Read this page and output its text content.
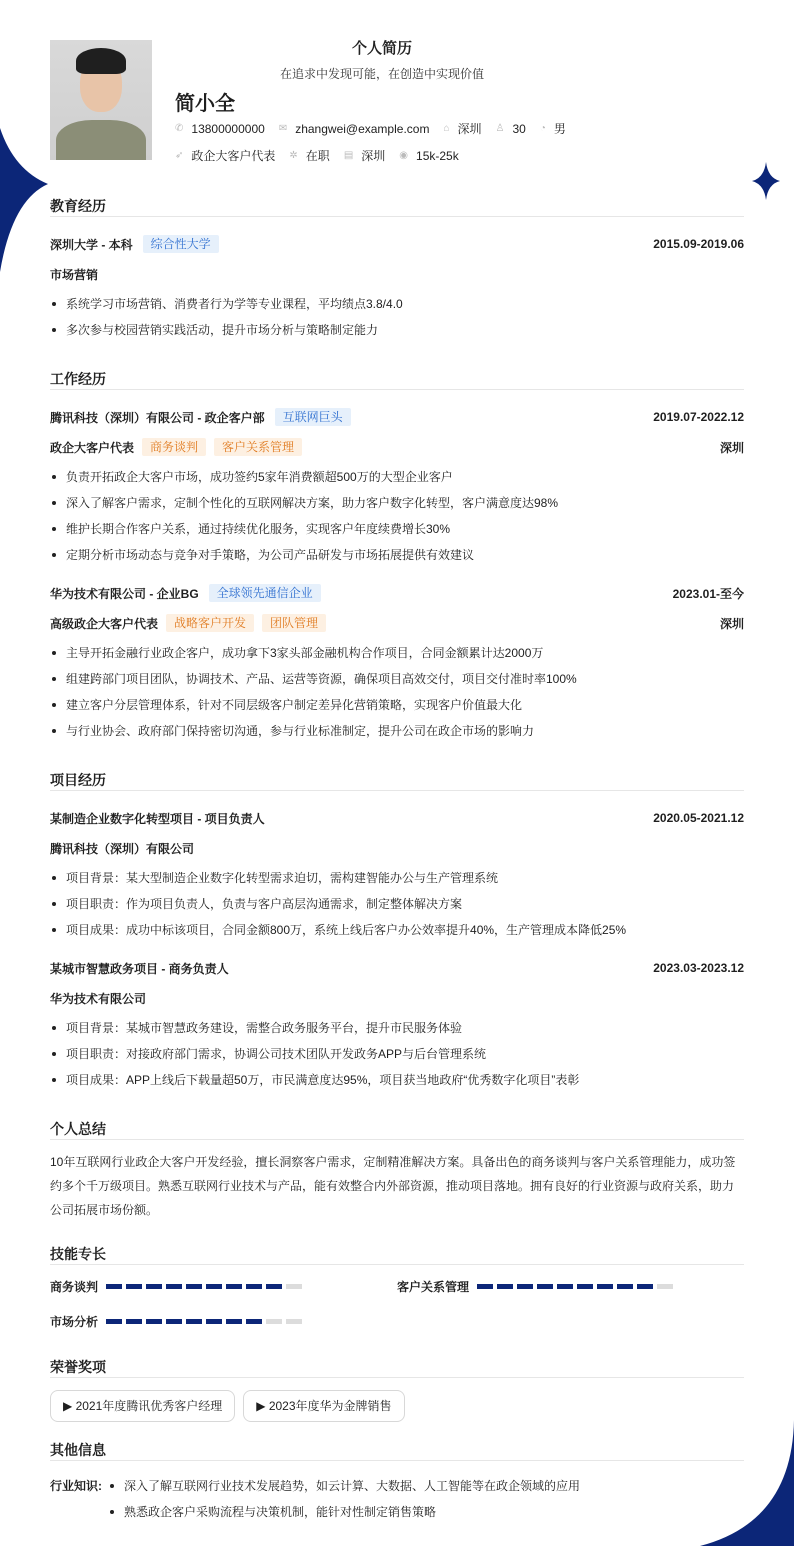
个人简历
在追求中发现可能，在创造中实现价值
简小全
✆ 13800000000 ✉ zhangwei@example.com ⌂ 深圳 ♙ 30 ◔ 男
➶ 政企大客户代表 ✲ 在职 ▤ 深圳 ◉ 15k-25k
教育经历
深圳大学 - 本科	综合性大学	2015.09-2019.06
市场营销
系统学习市场营销、消费者行为学等专业课程，平均绩点3.8/4.0
多次参与校园营销实践活动，提升市场分析与策略制定能力
工作经历
腾讯科技（深圳）有限公司 - 政企客户部	互联网巨头	2019.07-2022.12
政企大客户代表	商务谈判	客户关系管理	深圳
负责开拓政企大客户市场，成功签约5家年消费额超500万的大型企业客户
深入了解客户需求，定制个性化的互联网解决方案，助力客户数字化转型，客户满意度达98%
维护长期合作客户关系，通过持续优化服务，实现客户年度续费增长30%
定期分析市场动态与竞争对手策略，为公司产品研发与市场拓展提供有效建议
华为技术有限公司 - 企业BG	全球领先通信企业	2023.01-至今
高级政企大客户代表	战略客户开发	团队管理	深圳
主导开拓金融行业政企客户，成功拿下3家头部金融机构合作项目，合同金额累计达2000万
组建跨部门项目团队，协调技术、产品、运营等资源，确保项目高效交付，项目交付准时率100%
建立客户分层管理体系，针对不同层级客户制定差异化营销策略，实现客户价值最大化
与行业协会、政府部门保持密切沟通，参与行业标准制定，提升公司在政企市场的影响力
项目经历
某制造企业数字化转型项目 - 项目负责人	2020.05-2021.12
腾讯科技（深圳）有限公司
项目背景：某大型制造企业数字化转型需求迫切，需构建智能办公与生产管理系统
项目职责：作为项目负责人，负责与客户高层沟通需求，制定整体解决方案
项目成果：成功中标该项目，合同金额800万，系统上线后客户办公效率提升40%，生产管理成本降低25%
某城市智慧政务项目 - 商务负责人	2023.03-2023.12
华为技术有限公司
项目背景：某城市智慧政务建设，需整合政务服务平台，提升市民服务体验
项目职责：对接政府部门需求，协调公司技术团队开发政务APP与后台管理系统
项目成果：APP上线后下载量超50万，市民满意度达95%，项目获当地政府“优秀数字化项目”表彰
个人总结

10年互联网行业政企大客户开发经验，擅长洞察客户需求，定制精准解决方案。具备出色的商务谈判与客户关系管理能力，成功签约多个千万级项目。熟悉互联网行业技术与产品，能有效整合内外部资源，推动项目落地。拥有良好的行业资源与政府关系，助力公司拓展市场份额。

技能专长
商务谈判	客户关系管理
市场分析
荣誉奖项
▶ 2021年度腾讯优秀客户经理	▶ 2023年度华为金牌销售
其他信息
行业知识:	深入了解互联网行业技术发展趋势，如云计算、大数据、人工智能等在政企领域的应用
熟悉政企客户采购流程与决策机制，能针对性制定销售策略
